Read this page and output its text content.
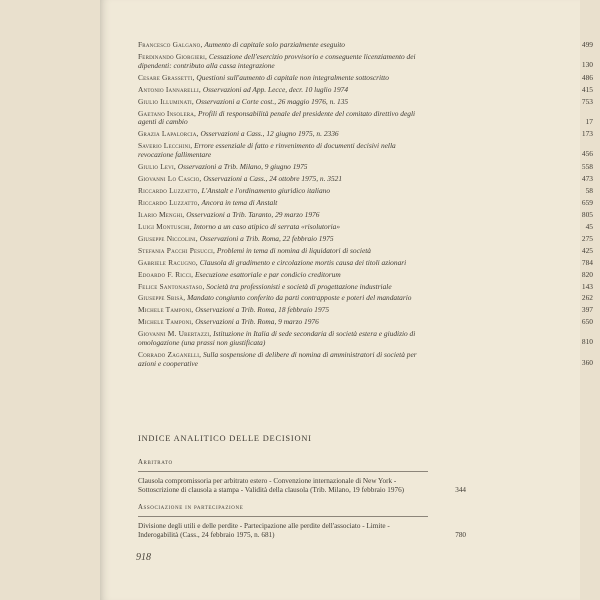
Francesco Galgano, Aumento di capitale solo parzialmente eseguito	499
Ferdinando Giorgieri, Cessazione dell'esercizio provvisorio e conseguente licenziamento dei dipendenti: contributo alla cassa integrazione	130
Cesare Grassetti, Questioni sull'aumento di capitale non integralmente sottoscritto	486
Antonio Iannarelli, Osservazioni ad App. Lecce, decr. 10 luglio 1974	415
Giulio Illuminati, Osservazioni a Corte cost., 26 maggio 1976, n. 135	753
Gaetano Insolera, Profili di responsabilità penale del presidente del comitato direttivo degli agenti di cambio	17
Grazia Lapalorcia, Osservazioni a Cass., 12 giugno 1975, n. 2336	173
Saverio Lecchini, Errore essenziale di fatto e rinvenimento di documenti decisivi nella revocazione fallimentare	456
Giulio Levi, Osservazioni a Trib. Milano, 9 giugno 1975	558
Giovanni Lo Cascio, Osservazioni a Cass., 24 ottobre 1975, n. 3521	473
Riccardo Luzzatto, L'Anstalt e l'ordinamento giuridico italiano	58
Riccardo Luzzatto, Ancora in tema di Anstalt	659
Ilario Menghi, Osservazioni a Trib. Taranto, 29 marzo 1976	805
Luigi Montuschi, Intorno a un caso atipico di serrata «risolutoria»	45
Giuseppe Niccolini, Osservazioni a Trib. Roma, 22 febbraio 1975	275
Stefania Pacchi Pesucci, Problemi in tema di nomina di liquidatori di società	425
Gabriele Racugno, Clausola di gradimento e circolazione mortis causa dei titoli azionari	784
Edoardo F. Ricci, Esecuzione esattoriale e par condicio creditorum	820
Felice Santonastaso, Società tra professionisti e società di progettazione industriale	143
Giuseppe Sbisà, Mandato congiunto conferito da parti contrapposte e poteri del mandatario	262
Michele Tamponi, Osservazioni a Trib. Roma, 18 febbraio 1975	397
Michele Tamponi, Osservazioni a Trib. Roma, 9 marzo 1976	650
Giovanni M. Ubertazzi, Istituzione in Italia di sede secondaria di società estera e giudizio di omologazione (una prassi non giustificata)	810
Corrado Zaganelli, Sulla sospensione di delibere di nomina di amministratori di società per azioni e cooperative	360
INDICE ANALITICO DELLE DECISIONI
Arbitrato
Clausola compromissoria per arbitrato estero - Convenzione internazionale di New York - Sottoscrizione di clausola a stampa - Validità della clausola (Trib. Milano, 19 febbraio 1976)	344
Associazione in partecipazione
Divisione degli utili e delle perdite - Partecipazione alle perdite dell'associato - Limite - Inderogabilità (Cass., 24 febbraio 1975, n. 681)	780
918
